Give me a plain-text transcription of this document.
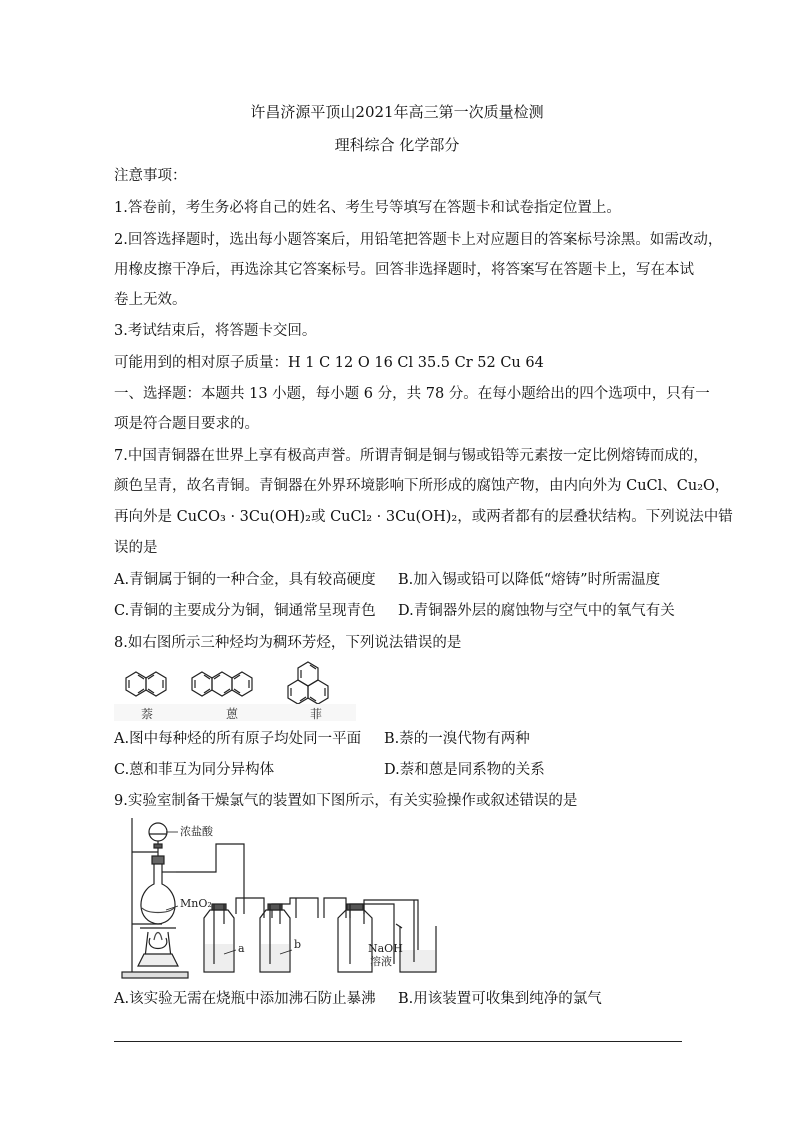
许昌济源平顶山2021年高三第一次质量检测
理科综合 化学部分
注意事项：
1.答卷前，考生务必将自己的姓名、考生号等填写在答题卡和试卷指定位置上。
2.回答选择题时，选出每小题答案后，用铅笔把答题卡上对应题目的答案标号涂黑。如需改动，
用橡皮擦干净后，再选涂其它答案标号。回答非选择题时，将答案写在答题卡上，写在本试
卷上无效。
3.考试结束后，将答题卡交回。
可能用到的相对原子质量：H 1 C 12 O 16 Cl 35.5 Cr 52 Cu 64
一、选择题：本题共 13 小题，每小题 6 分，共 78 分。在每小题给出的四个选项中，只有一
项是符合题目要求的。
7.中国青铜器在世界上享有极高声誉。所谓青铜是铜与锡或铅等元素按一定比例熔铸而成的，
颜色呈青，故名青铜。青铜器在外界环境影响下所形成的腐蚀产物，由内向外为 CuCl、Cu₂O，
再向外是 CuCO₃ · 3Cu(OH)₂或 CuCl₂ · 3Cu(OH)₂，或两者都有的层叠状结构。下列说法中错
误的是
A.青铜属于铜的一种合金，具有较高硬度 B.加入锡或铅可以降低“熔铸”时所需温度
C.青铜的主要成分为铜，铜通常呈现青色 D.青铜器外层的腐蚀物与空气中的氧气有关
8.如右图所示三种烃均为稠环芳烃，下列说法错误的是
萘	蒽	菲
A.图中每种烃的所有原子均处同一平面 B.萘的一溴代物有两种
C.蒽和菲互为同分异构体	D.萘和蒽是同系物的关系
9.实验室制备干燥氯气的装置如下图所示，有关实验操作或叙述错误的是
浓盐酸
MnO₂
a	b	NaOH
溶液
A.该实验无需在烧瓶中添加沸石防止暴沸 B.用该装置可收集到纯净的氯气
